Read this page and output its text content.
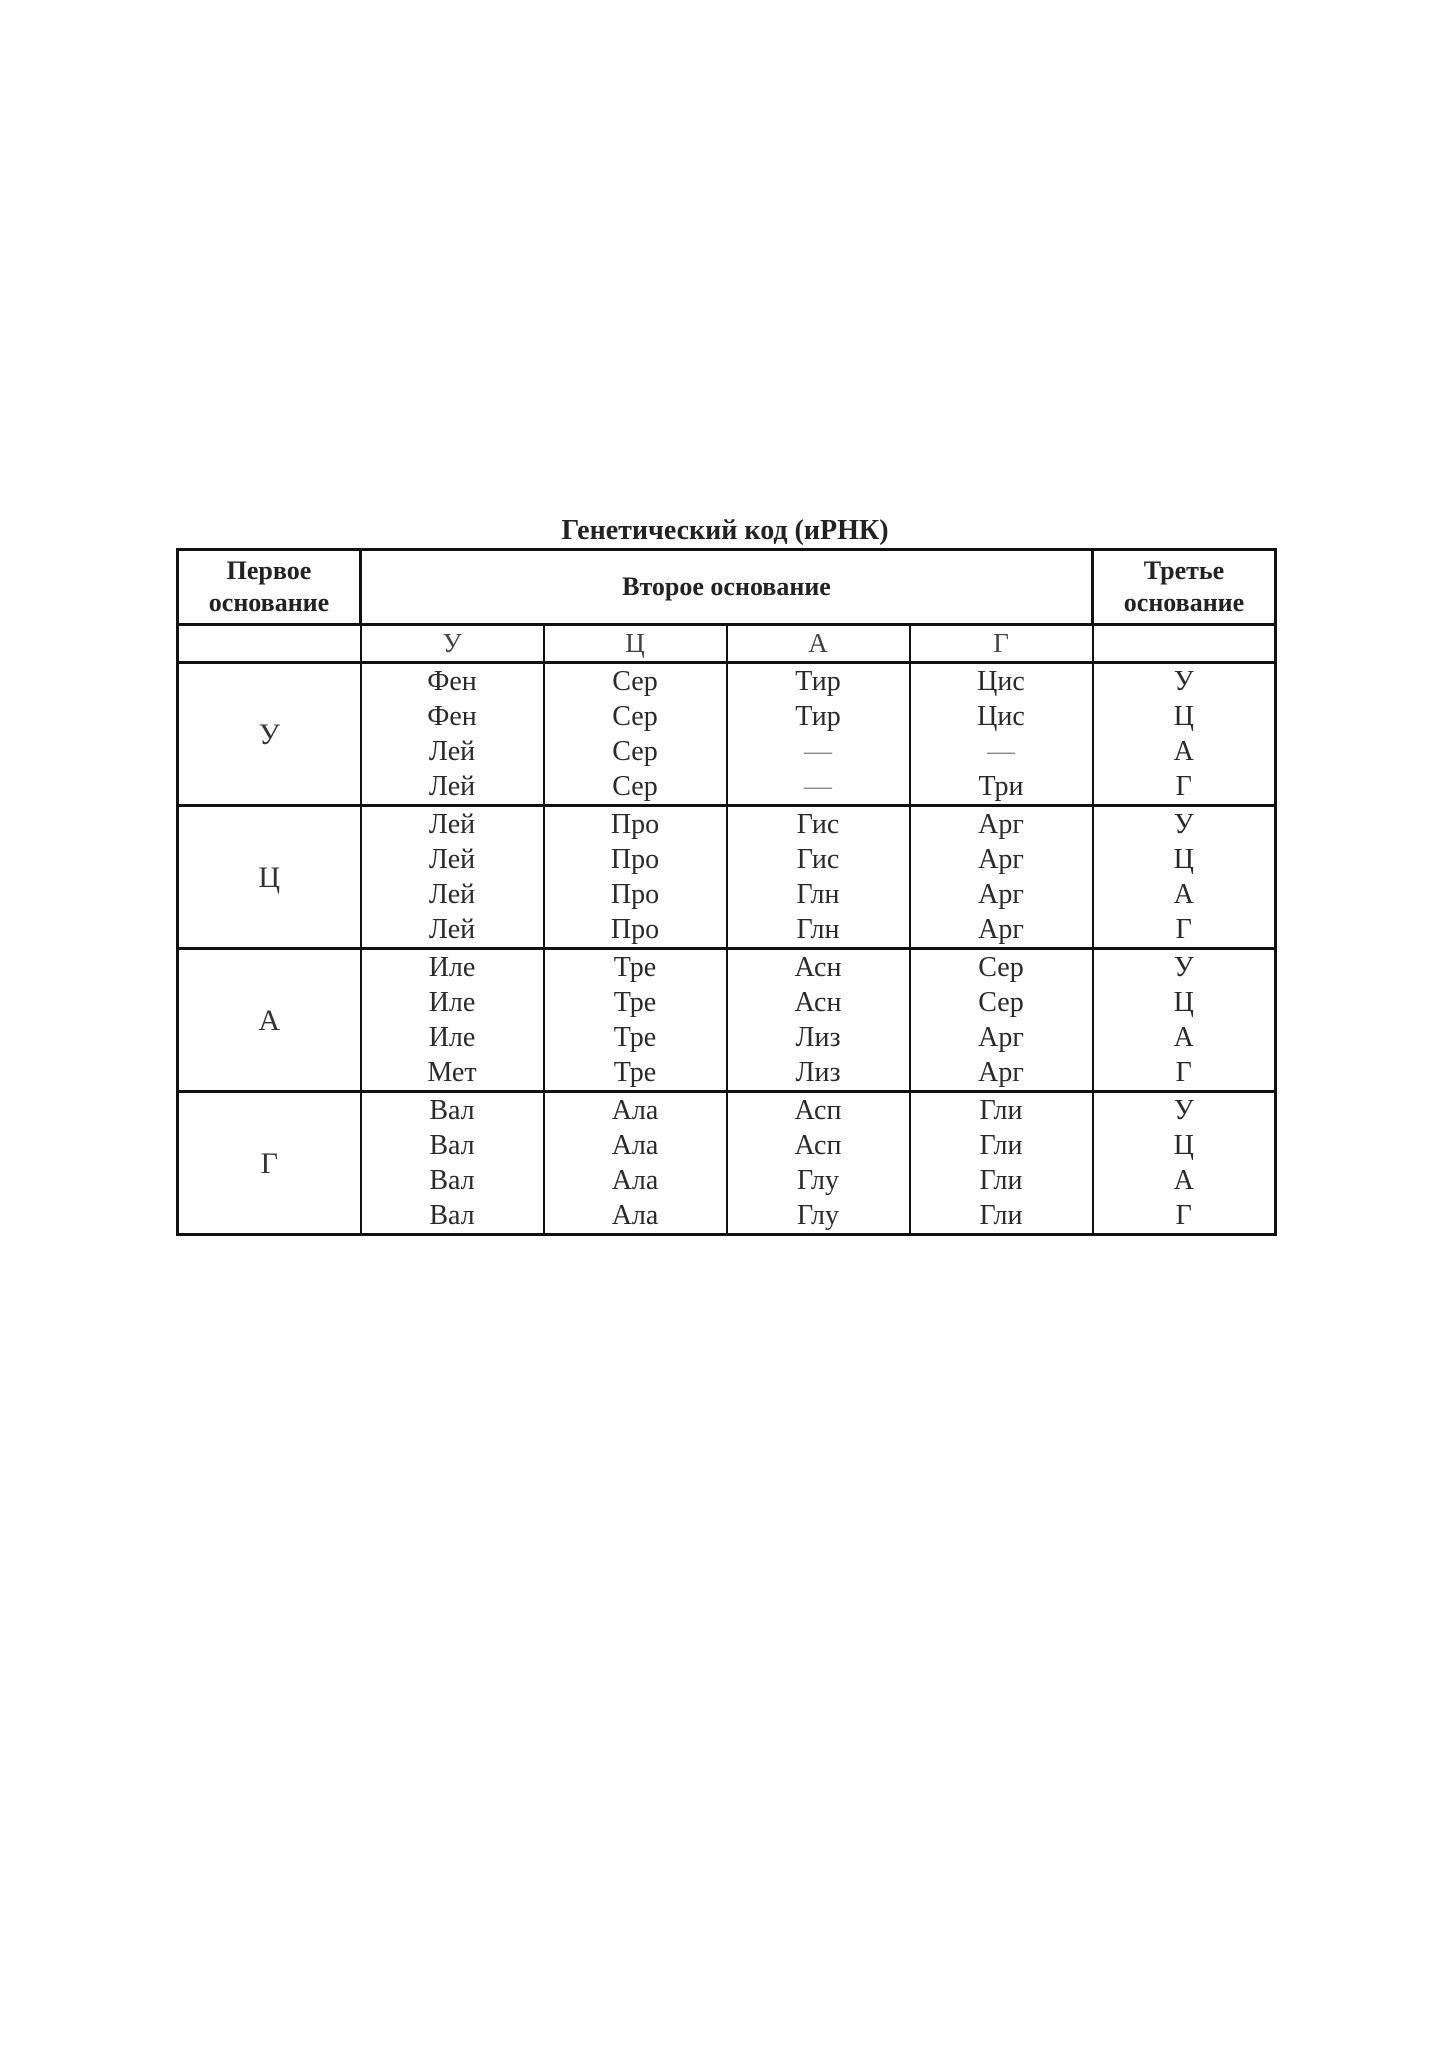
Генетический код (иРНК)
Первое основание	Второе основание				Третье основание
	У	Ц	А	Г	
У	Фен	Сер	Тир	Цис	У
	Фен	Сер	Тир	Цис	Ц
	Лей	Сер	—	—	А
	Лей	Сер	—	Три	Г
Ц	Лей	Про	Гис	Арг	У
	Лей	Про	Гис	Арг	Ц
	Лей	Про	Глн	Арг	А
	Лей	Про	Глн	Арг	Г
А	Иле	Тре	Асн	Сер	У
	Иле	Тре	Асн	Сер	Ц
	Иле	Тре	Лиз	Арг	А
	Мет	Тре	Лиз	Арг	Г
Г	Вал	Ала	Асп	Гли	У
	Вал	Ала	Асп	Гли	Ц
	Вал	Ала	Глу	Гли	А
	Вал	Ала	Глу	Гли	Г
